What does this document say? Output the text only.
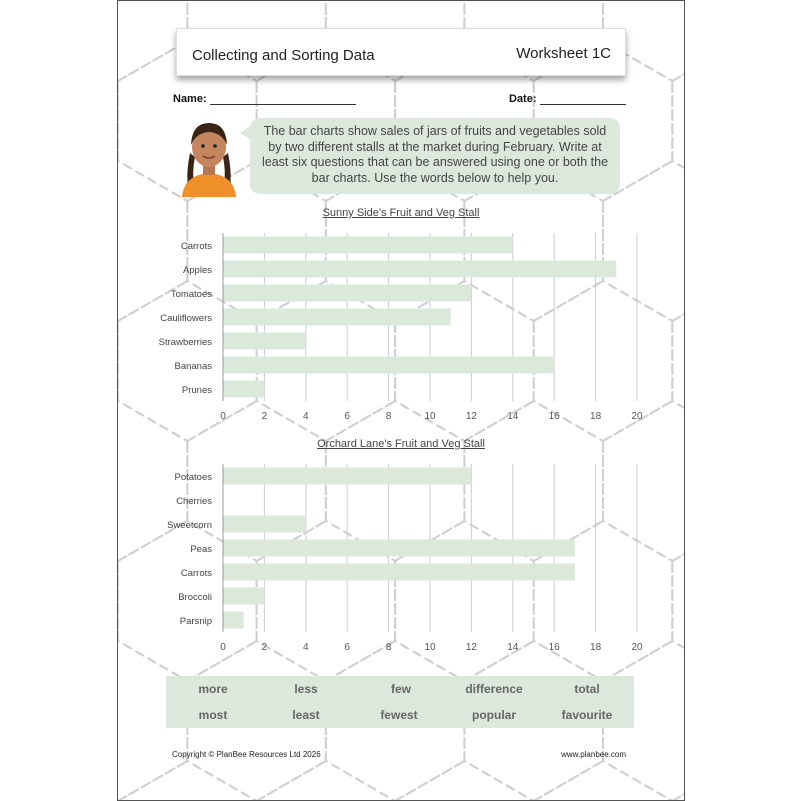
Collecting and Sorting Data	Worksheet 1C
Name:	Date:
The bar charts show sales of jars of fruits and vegetables sold by two different stalls at the market during February. Write at least six questions that can be answered using one or both the bar charts. Use the words below to help you.
Sunny Side's Fruit and Veg Stall
0	2	4	6	8	10	12	14	16	18	20
Carrots
Apples
Tomatoes
Cauliflowers
Strawberries
Bananas
Prunes
Orchard Lane's Fruit and Veg Stall
0	2	4	6	8	10	12	14	16	18	20
Potatoes
Cherries
Sweetcorn
Peas
Carrots
Broccoli
Parsnip
more	less	few	difference	total
most	least	fewest	popular	favourite
Copyright © PlanBee Resources Ltd 2026	www.planbee.com
